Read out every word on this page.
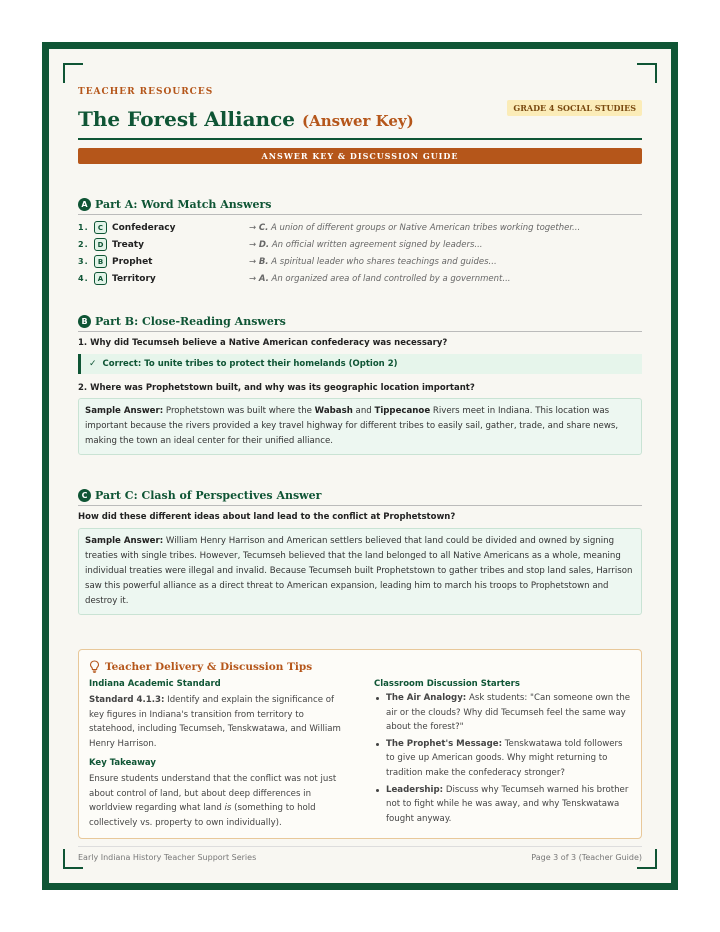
TEACHER RESOURCES
The Forest Alliance (Answer Key)
GRADE 4 SOCIAL STUDIES
ANSWER KEY & DISCUSSION GUIDE
A Part A: Word Match Answers
1.	C Confederacy	→ C. A union of different groups or Native American tribes working together...
2.	D Treaty	→ D. An official written agreement signed by leaders...
3.	B Prophet	→ B. A spiritual leader who shares teachings and guides...
4.	A Territory	→ A. An organized area of land controlled by a government...
B Part B: Close-Reading Answers
1. Why did Tecumseh believe a Native American confederacy was necessary?
✓ Correct: To unite tribes to protect their homelands (Option 2)
2. Where was Prophetstown built, and why was its geographic location important?
Sample Answer: Prophetstown was built where the Wabash and Tippecanoe Rivers meet in Indiana. This location was important because the rivers provided a key travel highway for different tribes to easily sail, gather, trade, and share news, making the town an ideal center for their unified alliance.
C Part C: Clash of Perspectives Answer
How did these different ideas about land lead to the conflict at Prophetstown?
Sample Answer: William Henry Harrison and American settlers believed that land could be divided and owned by signing treaties with single tribes. However, Tecumseh believed that the land belonged to all Native Americans as a whole, meaning individual treaties were illegal and invalid. Because Tecumseh built Prophetstown to gather tribes and stop land sales, Harrison saw this powerful alliance as a direct threat to American expansion, leading him to march his troops to Prophetstown and destroy it.
Teacher Delivery & Discussion Tips
Indiana Academic Standard

Standard 4.1.3: Identify and explain the significance of key figures in Indiana's transition from territory to statehood, including Tecumseh, Tenskwatawa, and William Henry Harrison.

Key Takeaway

Ensure students understand that the conflict was not just about control of land, but about deep differences in worldview regarding what land is (something to hold collectively vs. property to own individually).

Classroom Discussion Starters
The Air Analogy: Ask students: "Can someone own the air or the clouds? Why did Tecumseh feel the same way about the forest?"
The Prophet's Message: Tenskwatawa told followers to give up American goods. Why might returning to tradition make the confederacy stronger?
Leadership: Discuss why Tecumseh warned his brother not to fight while he was away, and why Tenskwatawa fought anyway.
Early Indiana History Teacher Support Series	Page 3 of 3 (Teacher Guide)
